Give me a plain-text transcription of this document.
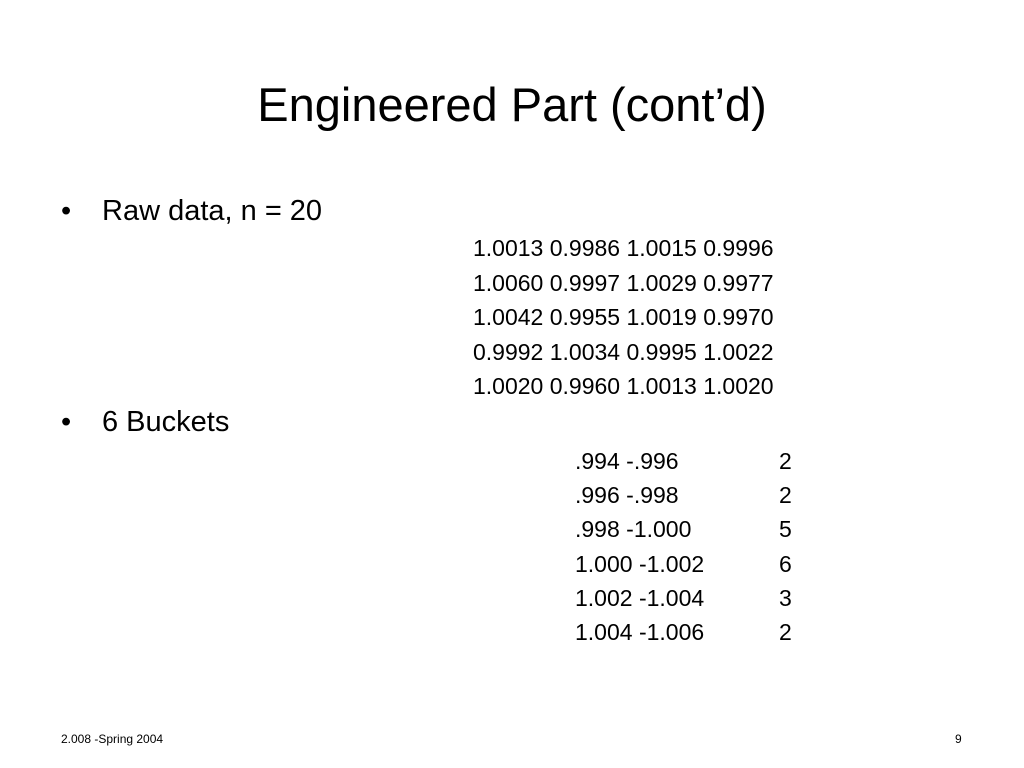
Engineered Part (cont’d)
• Raw data, n = 20
1.0013 0.9986 1.0015 0.9996
1.0060 0.9997 1.0029 0.9977
1.0042 0.9955 1.0019 0.9970
0.9992 1.0034 0.9995 1.0022
1.0020 0.9960 1.0013 1.0020
• 6 Buckets
.994 -.996	2
.996 -.998	2
.998 -1.000	5
1.000 -1.002	6
1.002 -1.004	3
1.004 -1.006	2
2.008 -Spring 2004	9
